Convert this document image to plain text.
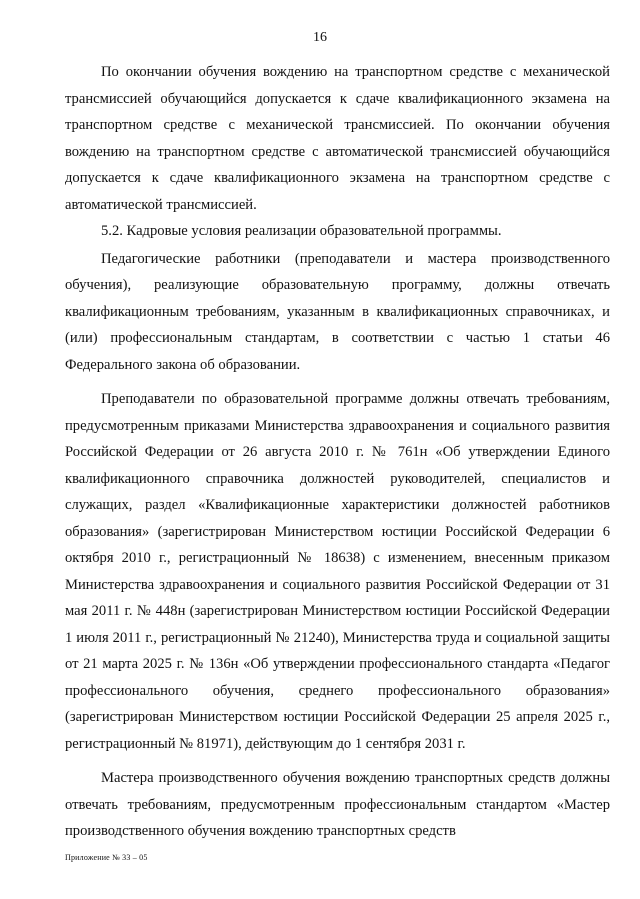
16

По окончании обучения вождению на транспортном средстве с механической трансмиссией обучающийся допускается к сдаче квалификационного экзамена на транспортном средстве с механической трансмиссией. По окончании обучения вождению на транспортном средстве с автоматической трансмиссией обучающийся допускается к сдаче квалификационного экзамена на транспортном средстве с автоматической трансмиссией.

5.2. Кадровые условия реализации образовательной программы.

Педагогические работники (преподаватели и мастера производственного обучения), реализующие образовательную программу, должны отвечать квалификационным требованиям, указанным в квалификационных справочниках, и (или) профессиональным стандартам, в соответствии с частью 1 статьи 46 Федерального закона об образовании.

Преподаватели по образовательной программе должны отвечать требованиям, предусмотренным приказами Министерства здравоохранения и социального развития Российской Федерации от 26 августа 2010 г. № 761н «Об утверждении Единого квалификационного справочника должностей руководителей, специалистов и служащих, раздел «Квалификационные характеристики должностей работников образования» (зарегистрирован Министерством юстиции Российской Федерации 6 октября 2010 г., регистрационный № 18638) с изменением, внесенным приказом Министерства здравоохранения и социального развития Российской Федерации от 31 мая 2011 г. № 448н (зарегистрирован Министерством юстиции Российской Федерации 1 июля 2011 г., регистрационный № 21240), Министерства труда и социальной защиты от 21 марта 2025 г. № 136н «Об утверждении профессионального стандарта «Педагог профессионального обучения, среднего профессионального образования» (зарегистрирован Министерством юстиции Российской Федерации 25 апреля 2025 г., регистрационный № 81971), действующим до 1 сентября 2031 г.

Мастера производственного обучения вождению транспортных средств должны отвечать требованиям, предусмотренным профессиональным стандартом «Мастер производственного обучения вождению транспортных средств

Приложение № 33 – 05
